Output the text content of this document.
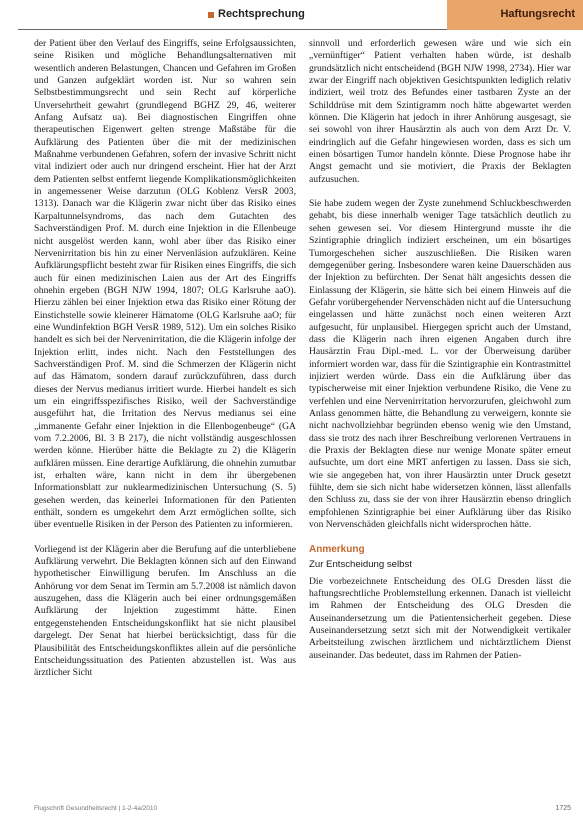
Rechtsprechung	Haftungsrecht

der Patient über den Verlauf des Eingriffs, seine Erfolgsaussichten, seine Risiken und mögliche Behandlungsalternativen mit wesentlich anderen Belastungen, Chancen und Gefahren im Großen und Ganzen aufgeklärt worden ist. Nur so wahren sein Selbstbestimmungsrecht und sein Recht auf körperliche Unversehrtheit gewahrt (grundlegend BGHZ 29, 46, weiterer Anfang Aufsatz ua). Bei diagnostischen Eingriffen ohne therapeutischen Eigenwert gelten strenge Maßstäbe für die Aufklärung des Patienten über die mit der medizinischen Maßnahme verbundenen Gefahren, sofern der invasive Schritt nicht vital indiziert oder auch nur dringend erscheint. Hier hat der Arzt dem Patienten selbst entfernt liegende Komplikationsmöglichkeiten in angemessener Weise darzutun (OLG Koblenz VersR 2003, 1313). Danach war die Klägerin zwar nicht über das Risiko eines Karpaltunnelsyndroms, das nach dem Gutachten des Sachverständigen Prof. M. durch eine Injektion in die Ellenbeuge nicht ausgelöst werden kann, wohl aber über das Risiko einer Nervenirritation bis hin zu einer Nervenläsion aufzuklären. Keine Aufklärungspflicht besteht zwar für Risiken eines Eingriffs, die sich auch für einen medizinischen Laien aus der Art des Eingriffs ohnehin ergeben (BGH NJW 1994, 1807; OLG Karlsruhe aaO). Hierzu zählen bei einer Injektion etwa das Risiko einer Rötung der Einstichstelle sowie kleinerer Hämatome (OLG Karlsruhe aaO; für eine Wundinfektion BGH VersR 1989, 512). Um ein solches Risiko handelt es sich bei der Nervenirritation, die die Klägerin infolge der Injektion erlitt, indes nicht. Nach den Feststellungen des Sachverständigen Prof. M. sind die Schmerzen der Klägerin nicht auf das Hämatom, sondern darauf zurückzuführen, dass durch dieses der Nervus medianus irritiert wurde. Hierbei handelt es sich um ein eingriffsspezifisches Risiko, weil der Sachverständige ausgeführt hat, die Irritation des Nervus medianus sei eine „immanente Gefahr einer Injektion in die Ellenbogenbeuge“ (GA vom 7.2.2006, Bl. 3 B 217), die nicht vollständig ausgeschlossen werden könne. Hierüber hätte die Beklagte zu 2) die Klägerin aufklären müssen. Eine derartige Aufklärung, die ohnehin zumutbar ist, erhalten wäre, kann nicht in dem ihr übergebenen Informationsblatt zur nuklearmedizinischen Untersuchung (S. 5) gesehen werden, das keinerlei Informationen für den Patienten enthält, sondern es umgekehrt dem Arzt ermöglichen sollte, sich über eventuelle Risiken in der Person des Patienten zu informieren.

Vorliegend ist der Klägerin aber die Berufung auf die unterbliebene Aufklärung verwehrt. Die Beklagten können sich auf den Einwand hypothetischer Einwilligung berufen. Im Anschluss an die Anhörung vor dem Senat im Termin am 5.7.2008 ist nämlich davon auszugehen, dass die Klägerin auch bei einer ordnungsgemäßen Aufklärung der Injektion zugestimmt hätte. Einen entgegenstehenden Entscheidungskonflikt hat sie nicht plausibel dargelegt. Der Senat hat hierbei berücksichtigt, dass für die Plausibilität des Entscheidungskonfliktes allein auf die persönliche Entscheidungssituation des Patienten abzustellen ist. Was aus ärztlicher Sicht

sinnvoll und erforderlich gewesen wäre und wie sich ein „vernünftiger“ Patient verhalten haben würde, ist deshalb grundsätzlich nicht entscheidend (BGH NJW 1998, 2734). Hier war zwar der Eingriff nach objektiven Gesichtspunkten lediglich relativ indiziert, weil trotz des Befundes einer tastbaren Zyste an der Schilddrüse mit dem Szintigramm noch hätte abgewartet werden können. Die Klägerin hat jedoch in ihrer Anhörung ausgesagt, sie sei sowohl von ihrer Hausärztin als auch von dem Arzt Dr. V. eindringlich auf die Gefahr hingewiesen worden, dass es sich um einen bösartigen Tumor handeln könnte. Diese Prognose habe ihr Angst gemacht und sie motiviert, die Praxis der Beklagten aufzusuchen.

Sie habe zudem wegen der Zyste zunehmend Schluckbeschwerden gehabt, bis diese innerhalb weniger Tage tatsächlich deutlich zu sehen gewesen sei. Vor diesem Hintergrund musste ihr die Szintigraphie dringlich indiziert erscheinen, um ein bösartiges Tumorgeschehen sicher auszuschließen. Die Risiken waren demgegenüber gering. Insbesondere waren keine Dauerschäden aus der Injektion zu befürchten. Der Senat hält angesichts dessen die Einlassung der Klägerin, sie hätte sich bei einem Hinweis auf die Gefahr vorübergehender Nervenschäden nicht auf die Untersuchung eingelassen und hätte zunächst noch einen weiteren Arzt aufgesucht, für unplausibel. Hiergegen spricht auch der Umstand, dass die Klägerin nach ihren eigenen Angaben durch ihre Hausärztin Frau Dipl.-med. L. vor der Überweisung darüber informiert worden war, dass für die Szintigraphie ein Kontrastmittel injiziert werden würde. Dass ein die Aufklärung über das typischerweise mit einer Injektion verbundene Risiko, die Vene zu verfehlen und eine Nervenirritation hervorzurufen, gleichwohl zum Anlass genommen hätte, die Behandlung zu verweigern, konnte sie nicht nachvollziehbar begründen ebenso wenig wie den Umstand, dass sie trotz des nach ihrer Beschreibung verlorenen Vertrauens in die Praxis der Beklagten diese nur wenige Monate später erneut aufsuchte, um dort eine MRT anfertigen zu lassen. Dass sie sich, wie sie angegeben hat, von ihrer Hausärztin unter Druck gesetzt fühlte, dem sie sich nicht habe widersetzen können, lässt allenfalls den Schluss zu, dass sie der von ihrer Hausärztin ebenso dringlich empfohlenen Szintigraphie bei einer Aufklärung über das Risiko von Nervenschäden gleichfalls nicht widersprochen hätte.

Anmerkung
Zur Entscheidung selbst

Die vorbezeichnete Entscheidung des OLG Dresden lässt die haftungsrechtliche Problemstellung erkennen. Danach ist vielleicht im Rahmen der Entscheidung des OLG Dresden die Auseinandersetzung um die Patientensicherheit gegeben. Diese Auseinandersetzung setzt sich mit der Notwendigkeit vertikaler Arbeitsteilung zwischen ärztlichem und nichtärztlichem Dienst auseinander. Das bedeutet, dass im Rahmen der Patien-

Flugschrift Gesundheitsrecht | 1-2-4a/2010	1725
